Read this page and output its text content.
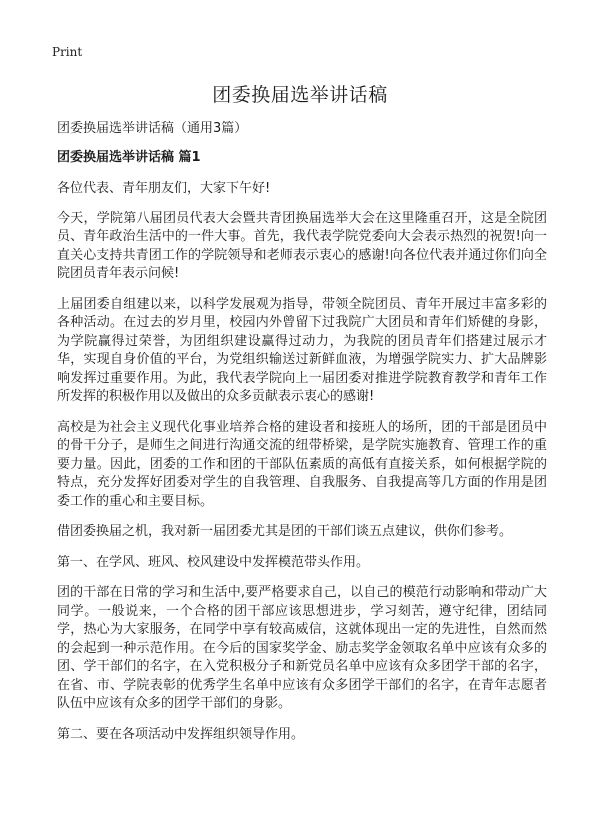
Print
团委换届选举讲话稿

团委换届选举讲话稿（通用3篇）

团委换届选举讲话稿 篇1

各位代表、青年朋友们，大家下午好!

今天，学院第八届团员代表大会暨共青团换届选举大会在这里隆重召开，这是全院团员、青年政治生活中的一件大事。首先，我代表学院党委向大会表示热烈的祝贺!向一直关心支持共青团工作的学院领导和老师表示衷心的感谢!向各位代表并通过你们向全院团员青年表示问候!

上届团委自组建以来，以科学发展观为指导，带领全院团员、青年开展过丰富多彩的各种活动。在过去的岁月里，校园内外曾留下过我院广大团员和青年们矫健的身影，为学院赢得过荣誉，为团组织建设赢得过动力，为我院的团员青年们搭建过展示才华，实现自身价值的平台，为党组织输送过新鲜血液，为增强学院实力、扩大品牌影响发挥过重要作用。为此，我代表学院向上一届团委对推进学院教育教学和青年工作所发挥的积极作用以及做出的众多贡献表示衷心的感谢!

高校是为社会主义现代化事业培养合格的建设者和接班人的场所，团的干部是团员中的骨干分子，是师生之间进行沟通交流的纽带桥梁，是学院实施教育、管理工作的重要力量。因此，团委的工作和团的干部队伍素质的高低有直接关系，如何根据学院的特点，充分发挥好团委对学生的自我管理、自我服务、自我提高等几方面的作用是团委工作的重心和主要目标。

借团委换届之机，我对新一届团委尤其是团的干部们谈五点建议，供你们参考。

第一、在学风、班风、校风建设中发挥模范带头作用。

团的干部在日常的学习和生活中,要严格要求自己，以自己的模范行动影响和带动广大同学。一般说来，一个合格的团干部应该思想进步，学习刻苦，遵守纪律，团结同学，热心为大家服务，在同学中享有较高威信，这就体现出一定的先进性，自然而然的会起到一种示范作用。在今后的国家奖学金、励志奖学金领取名单中应该有众多的团、学干部们的名字，在入党积极分子和新党员名单中应该有众多团学干部的名字，在省、市、学院表彰的优秀学生名单中应该有众多团学干部们的名字，在青年志愿者队伍中应该有众多的团学干部们的身影。

第二、要在各项活动中发挥组织领导作用。
